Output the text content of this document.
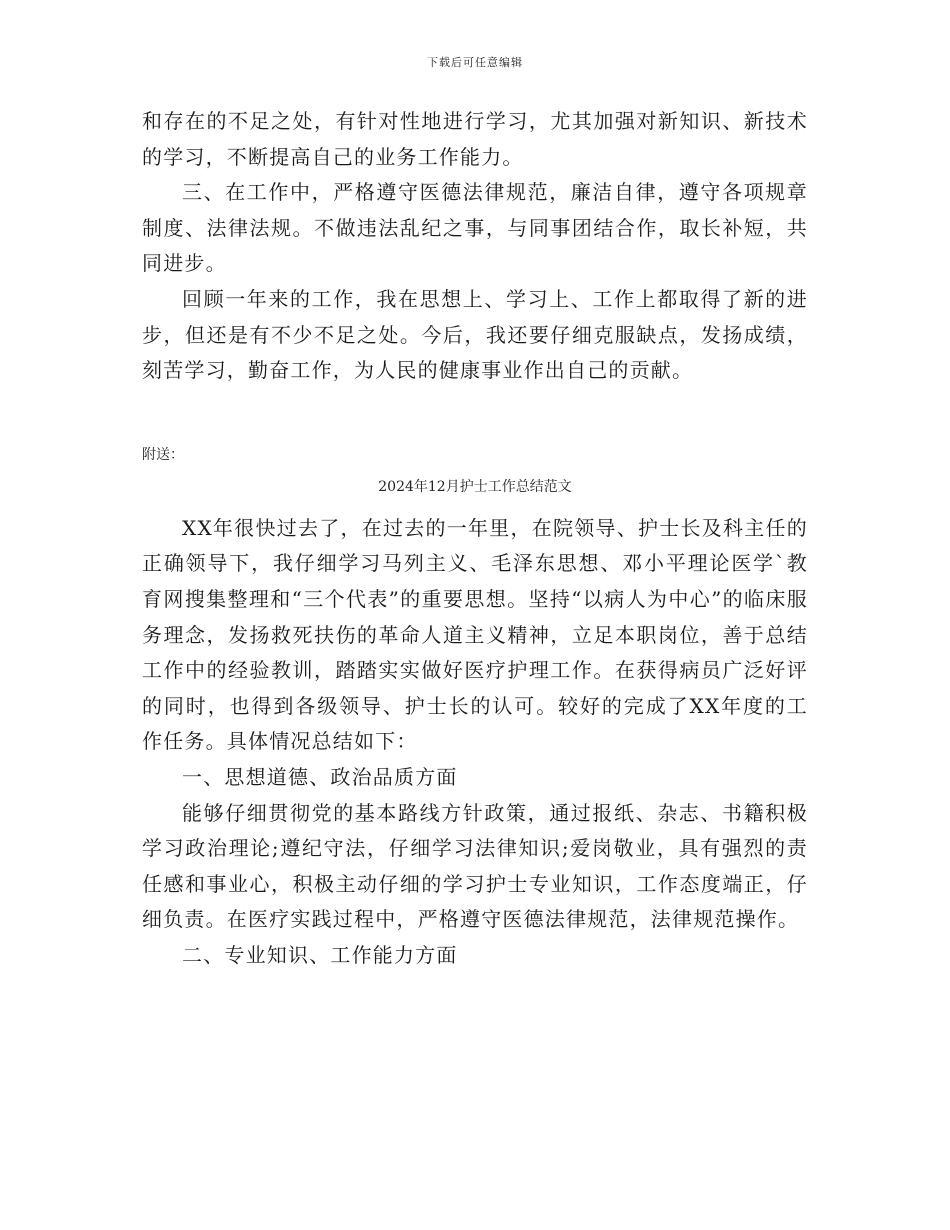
下载后可任意编辑

和存在的不足之处，有针对性地进行学习，尤其加强对新知识、新技术的学习，不断提高自己的业务工作能力。

三、在工作中，严格遵守医德法律规范，廉洁自律，遵守各项规章制度、法律法规。不做违法乱纪之事，与同事团结合作，取长补短，共同进步。

回顾一年来的工作，我在思想上、学习上、工作上都取得了新的进步，但还是有不少不足之处。今后，我还要仔细克服缺点，发扬成绩，刻苦学习，勤奋工作，为人民的健康事业作出自己的贡献。

附送：

2024年12月护士工作总结范文

XX年很快过去了，在过去的一年里，在院领导、护士长及科主任的正确领导下，我仔细学习马列主义、毛泽东思想、邓小平理论医学`教育网搜集整理和“三个代表”的重要思想。坚持“以病人为中心”的临床服务理念，发扬救死扶伤的革命人道主义精神，立足本职岗位，善于总结工作中的经验教训，踏踏实实做好医疗护理工作。在获得病员广泛好评的同时，也得到各级领导、护士长的认可。较好的完成了XX年度的工作任务。具体情况总结如下：

一、思想道德、政治品质方面

能够仔细贯彻党的基本路线方针政策，通过报纸、杂志、书籍积极学习政治理论;遵纪守法，仔细学习法律知识;爱岗敬业，具有强烈的责任感和事业心，积极主动仔细的学习护士专业知识，工作态度端正，仔细负责。在医疗实践过程中，严格遵守医德法律规范，法律规范操作。

二、专业知识、工作能力方面
